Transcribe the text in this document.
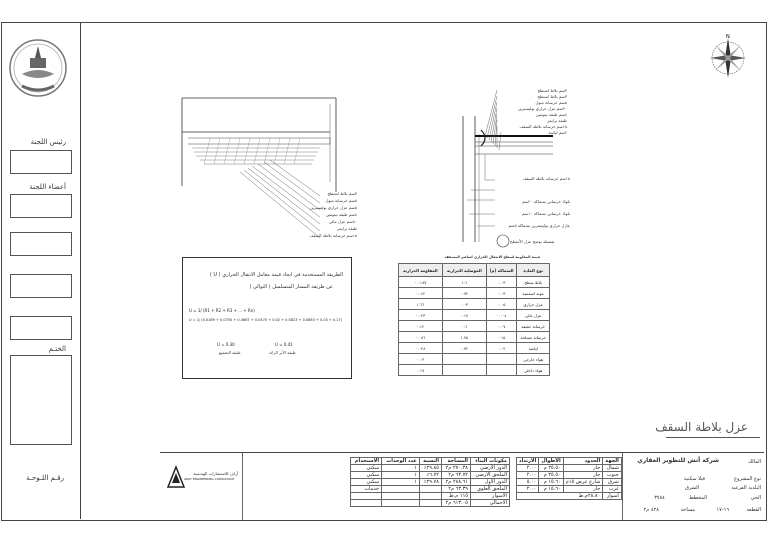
رئيس اللجنة
أعضاء اللجنة
الختـم
رقـم اللـوحـة
N
٣سم بلاط استطح
٥سم خرسانة ميول
٥سم عزل حراري بوليسترين
٤سم طبقة بيتومين
٨٠سم عزل مائي
طبقة برايمر
١٥سم خرسانة بلاطة السقف
٣سم بلاط استطح
٣سم بلاط استطح
٥سم خرسانة ميول
٢٠سم عزل حراري بوليسترين
٤سم طبقة بيتومين
طبقة برايمر
١٥سم خرسانة بلاطة السقف
٢سم لياسة
١٥سم خرسانة بلاطة السقف
بلوك خرساني بسماكة ٢٠سم
بلوك خرساني بسماكة ١٠سم
عازل حراري بوليسترين بسماكة ٥سم
تفصيلة توضح عزل الأسطح
الطريقة المستخدمة في ايجاد قيمة معامل الانتقال الحراري ( U )
عن طريقة المسار المتسلسل ( التوالي )
U = 1/ (R1 + R2 + R3 + ... + Rn)
U = 1/ (0.0189 + 0.0750 + 0.4667 + 0.0470 + 0.02 + 0.0823 + 0.0863 + 0.03 + 0.17)
U = 0.30
طبقة التجميع
U = 0.41
طبقة الأثر الزائد
قيمة المقاومة لسطح الانتقال الحراري لعناصر المسقف
نوع المادة	السماكة (م)	الموصلية الحرارية	المقاومة الحرارية
بلاط سطح	٠.٠٣	١.٦	٠.٠١٨٧
مونة اسمنتية	٠.٠٣	٠.٧٢	٠.٠٤٢
عزل حراري	٠.٠٥	٠.٠٣	١.٦٦
عزل مائي	٠.٠٠٤	٠.١٧	٠.٠٢٣
خرسانة خفيفة	٠.٠٧	٠.٦	٠.١٢
خرسانة مسلحة	٠.١٥	١.٧٥	٠.٠٨٦
لياسة	٠.٠٢	٠.٧٢	٠.٠٢٨
هواء خارجي			٠.٠٣
هواء داخلي			٠.١٧
عزل بلاطة السقف
آراف للاستشارات الهندسية
ARAF ENGINEERING CONSULTANT
مكونات البناء	المساحة	النسبة	عدد الوحدات	الاستخدام
الدور الأرضي	٢٧٠.٣٨ م٢	٢٩.٨٥٪	١	سكني
الملحق الأرضي	٦٣.٧٢ م٢	٦.٧٢٪	١	سكني
الدور الأول	٢٨٨.٦١ م٢	٢٩.٧٨٪	١	سكني
الملحق العلوي	٦٣.٣٩ م٢			خدمات
الأسوار	١١٥ م.ط			
الاجمالي	٦١٣.٠٥ م٢			
الجهة	الحدود	الأطوال	الارتداد
شمال	جار	٢٥.٥٠ م	٢.٠٠
جنوب	جار	٢٥.٥٠ م	٢.٠٠
شرق	شارع عرض ١٥م	١٥.٦٠ م	٥.٠٠
غرب	جار	١٥.٦٠ م	٢.٠٠
أسوار	٢٨.٨٠م.ط		
المالك
شركة أتش للتطوير العقاري
نوع المشروع
فيلا سكنية
البلدية الفرعية
الشرق
الحي
المخطط
٣٧٨٤
القطعة
١٦-١٧
مساحة
٤٢٨ م٢
